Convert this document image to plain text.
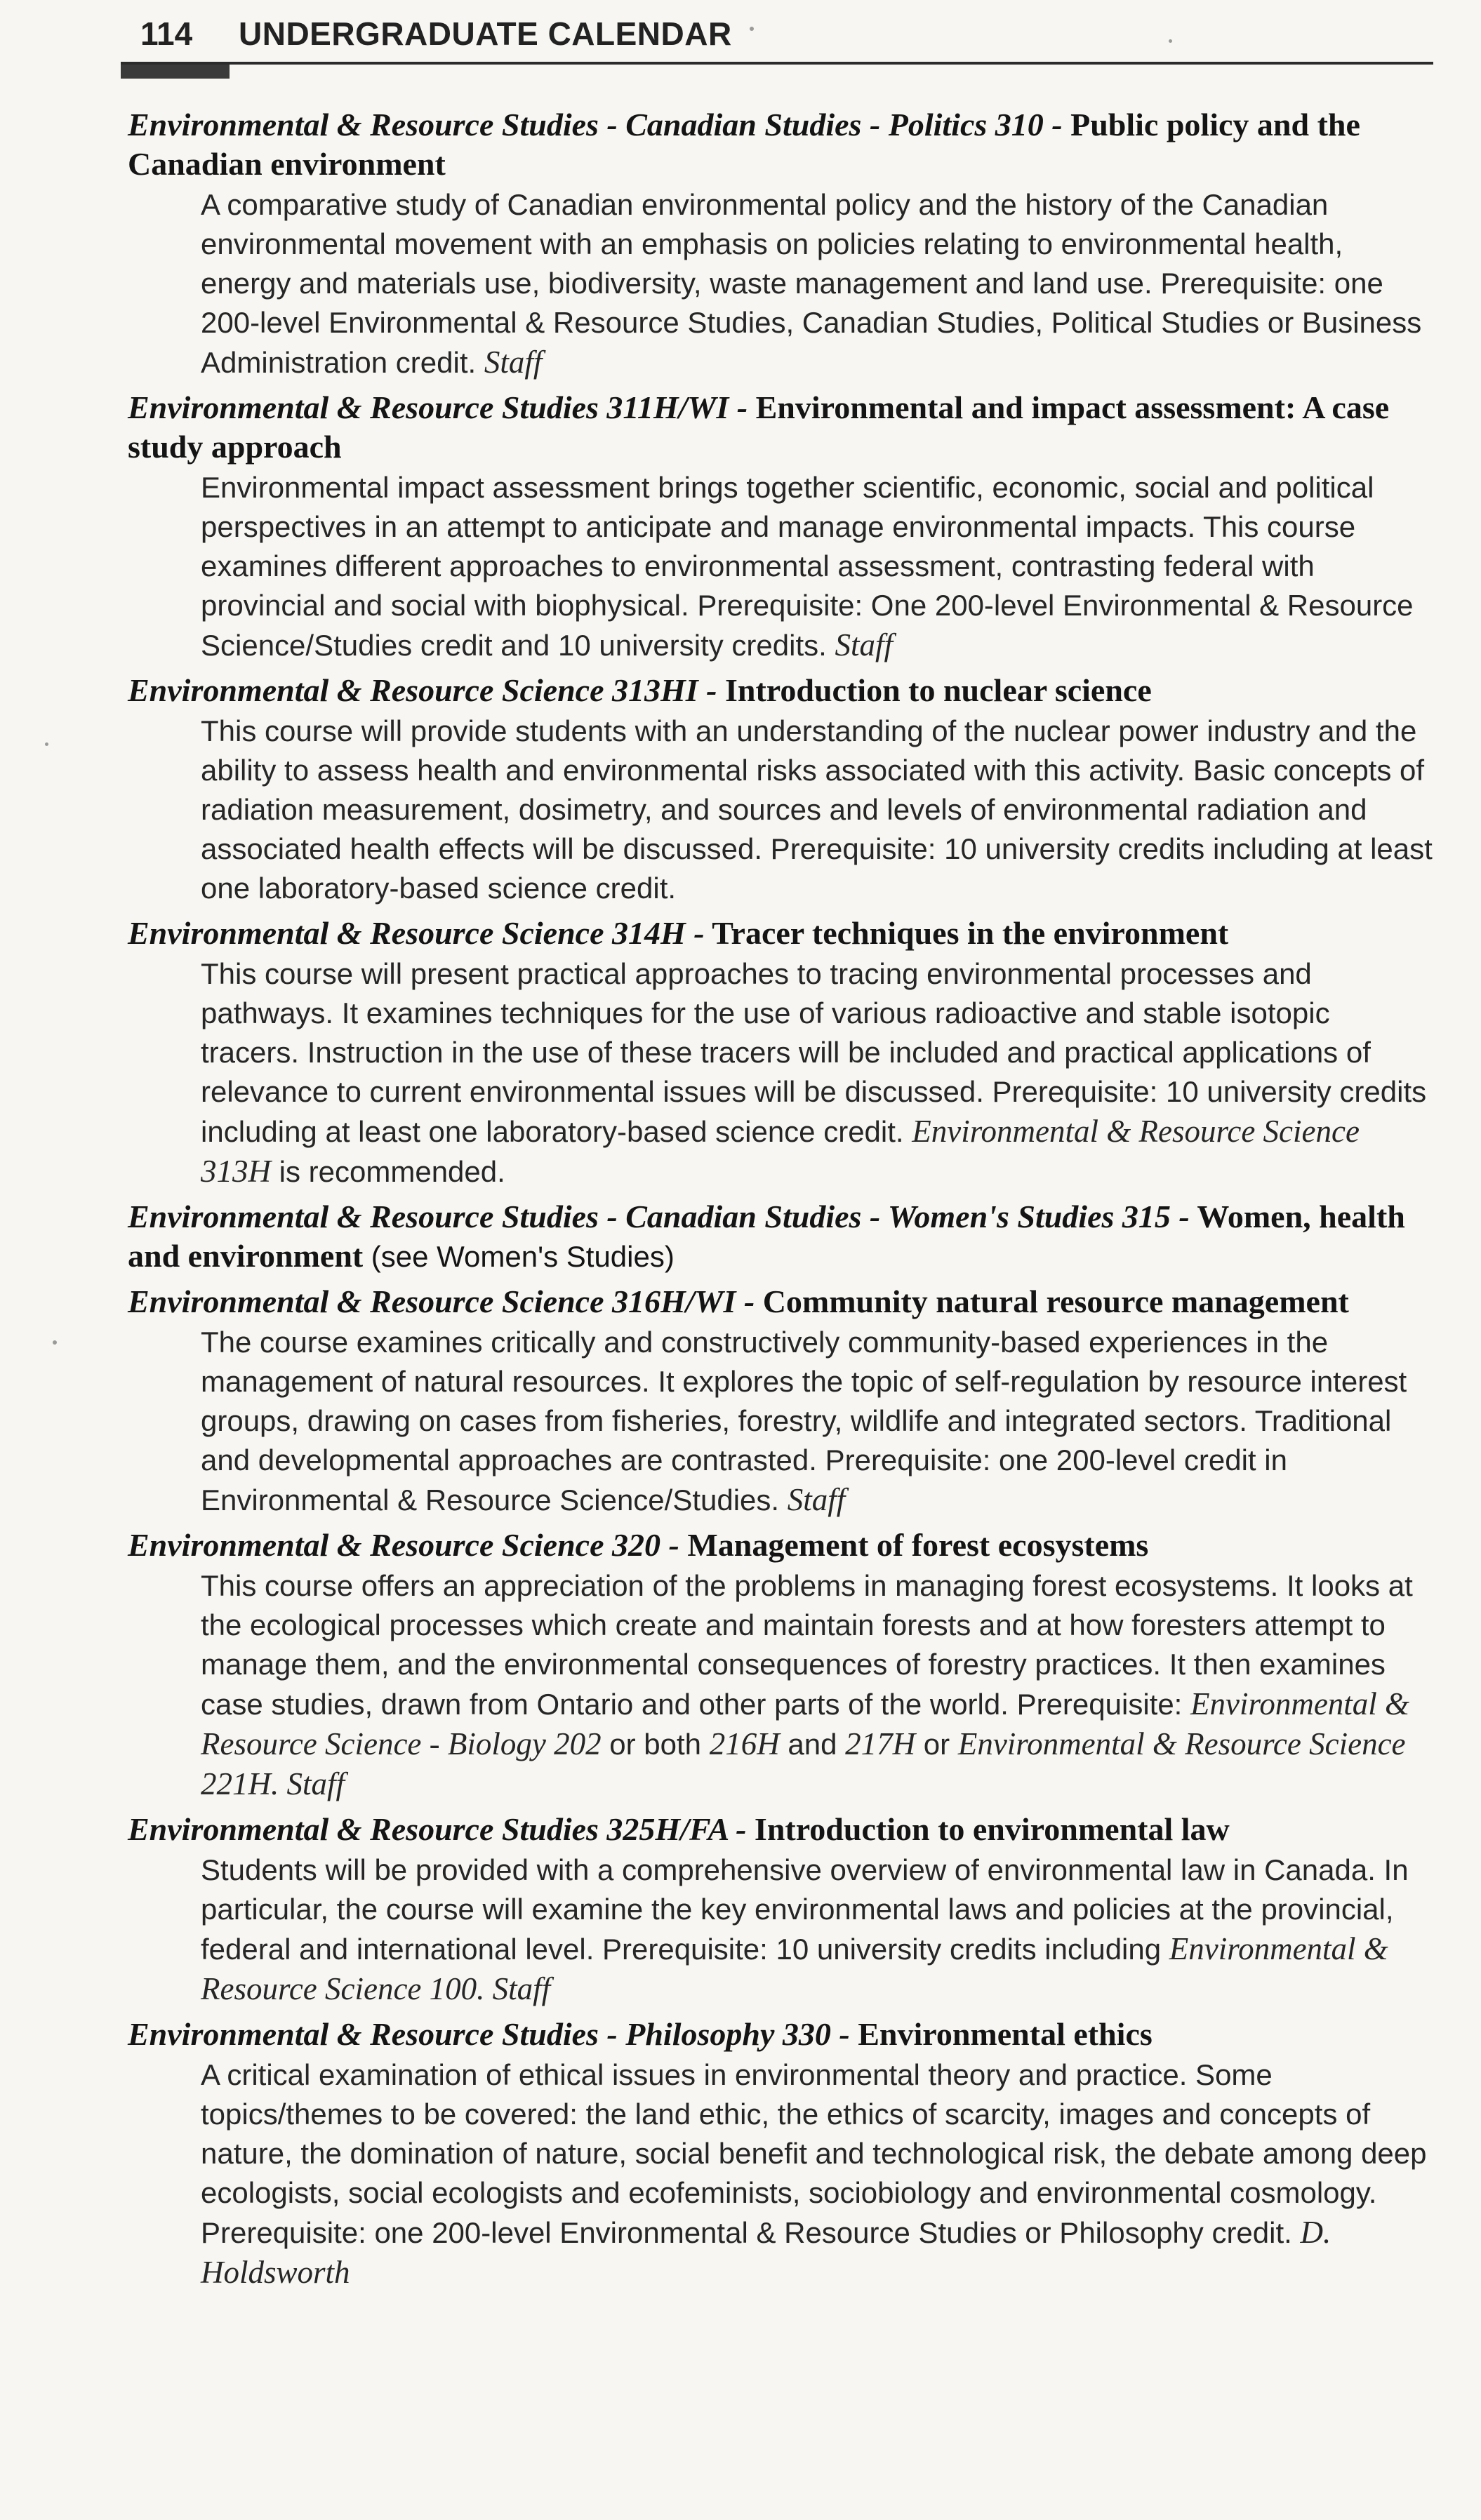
114 UNDERGRADUATE CALENDAR
Environmental & Resource Studies - Canadian Studies - Politics 310 - Public policy and the Canadian environment
A comparative study of Canadian environmental policy and the history of the Canadian environmental movement with an emphasis on policies relating to environmental health, energy and materials use, biodiversity, waste management and land use. Prerequisite: one 200-level Environmental & Resource Studies, Canadian Studies, Political Studies or Business Administration credit. Staff
Environmental & Resource Studies 311H/WI - Environmental and impact assessment: A case study approach
Environmental impact assessment brings together scientific, economic, social and political perspectives in an attempt to anticipate and manage environmental impacts. This course examines different approaches to environmental assessment, contrasting federal with provincial and social with biophysical. Prerequisite: One 200-level Environmental & Resource Science/Studies credit and 10 university credits. Staff
Environmental & Resource Science 313HI - Introduction to nuclear science
This course will provide students with an understanding of the nuclear power industry and the ability to assess health and environmental risks associated with this activity. Basic concepts of radiation measurement, dosimetry, and sources and levels of environmental radiation and associated health effects will be discussed. Prerequisite: 10 university credits including at least one laboratory-based science credit.
Environmental & Resource Science 314H - Tracer techniques in the environment
This course will present practical approaches to tracing environmental processes and pathways. It examines techniques for the use of various radioactive and stable isotopic tracers. Instruction in the use of these tracers will be included and practical applications of relevance to current environmental issues will be discussed. Prerequisite: 10 university credits including at least one laboratory-based science credit. Environmental & Resource Science 313H is recommended.
Environmental & Resource Studies - Canadian Studies - Women's Studies 315 - Women, health and environment (see Women's Studies)
Environmental & Resource Science 316H/WI - Community natural resource management
The course examines critically and constructively community-based experiences in the management of natural resources. It explores the topic of self-regulation by resource interest groups, drawing on cases from fisheries, forestry, wildlife and integrated sectors. Traditional and developmental approaches are contrasted. Prerequisite: one 200-level credit in Environmental & Resource Science/Studies. Staff
Environmental & Resource Science 320 - Management of forest ecosystems
This course offers an appreciation of the problems in managing forest ecosystems. It looks at the ecological processes which create and maintain forests and at how foresters attempt to manage them, and the environmental consequences of forestry practices. It then examines case studies, drawn from Ontario and other parts of the world. Prerequisite: Environmental & Resource Science - Biology 202 or both 216H and 217H or Environmental & Resource Science 221H. Staff
Environmental & Resource Studies 325H/FA - Introduction to environmental law
Students will be provided with a comprehensive overview of environmental law in Canada. In particular, the course will examine the key environmental laws and policies at the provincial, federal and international level. Prerequisite: 10 university credits including Environmental & Resource Science 100. Staff
Environmental & Resource Studies - Philosophy 330 - Environmental ethics
A critical examination of ethical issues in environmental theory and practice. Some topics/themes to be covered: the land ethic, the ethics of scarcity, images and concepts of nature, the domination of nature, social benefit and technological risk, the debate among deep ecologists, social ecologists and ecofeminists, sociobiology and environmental cosmology. Prerequisite: one 200-level Environmental & Resource Studies or Philosophy credit. D. Holdsworth
